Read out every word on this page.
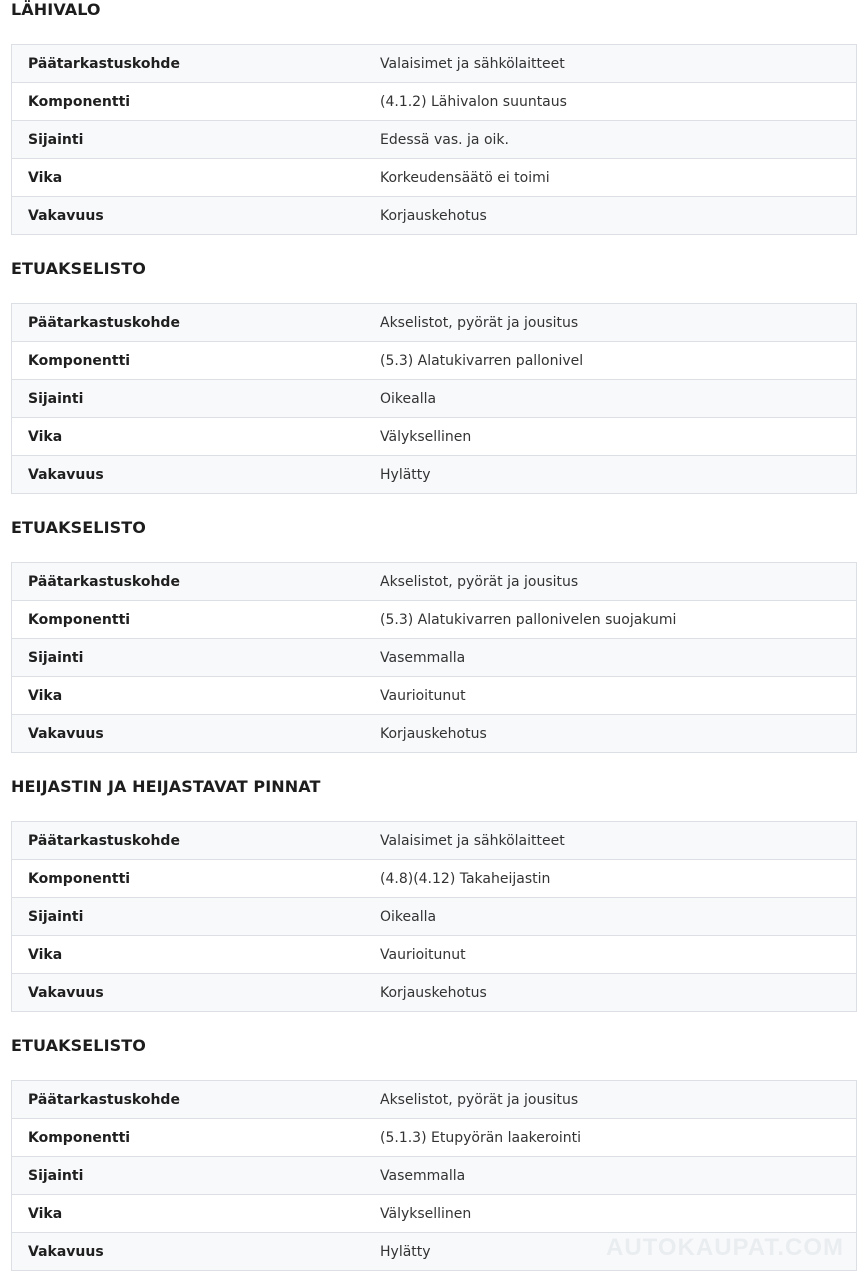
LÄHIVALO
Päätarkastuskohde	Valaisimet ja sähkölaitteet
Komponentti	(4.1.2) Lähivalon suuntaus
Sijainti	Edessä vas. ja oik.
Vika	Korkeudensäätö ei toimi
Vakavuus	Korjauskehotus
ETUAKSELISTO
Päätarkastuskohde	Akselistot, pyörät ja jousitus
Komponentti	(5.3) Alatukivarren pallonivel
Sijainti	Oikealla
Vika	Välyksellinen
Vakavuus	Hylätty
ETUAKSELISTO
Päätarkastuskohde	Akselistot, pyörät ja jousitus
Komponentti	(5.3) Alatukivarren pallonivelen suojakumi
Sijainti	Vasemmalla
Vika	Vaurioitunut
Vakavuus	Korjauskehotus
HEIJASTIN JA HEIJASTAVAT PINNAT
Päätarkastuskohde	Valaisimet ja sähkölaitteet
Komponentti	(4.8)(4.12) Takaheijastin
Sijainti	Oikealla
Vika	Vaurioitunut
Vakavuus	Korjauskehotus
ETUAKSELISTO
Päätarkastuskohde	Akselistot, pyörät ja jousitus
Komponentti	(5.1.3) Etupyörän laakerointi
Sijainti	Vasemmalla
Vika	Välyksellinen
Vakavuus	Hylätty	AUTOKAUPAT.COM
